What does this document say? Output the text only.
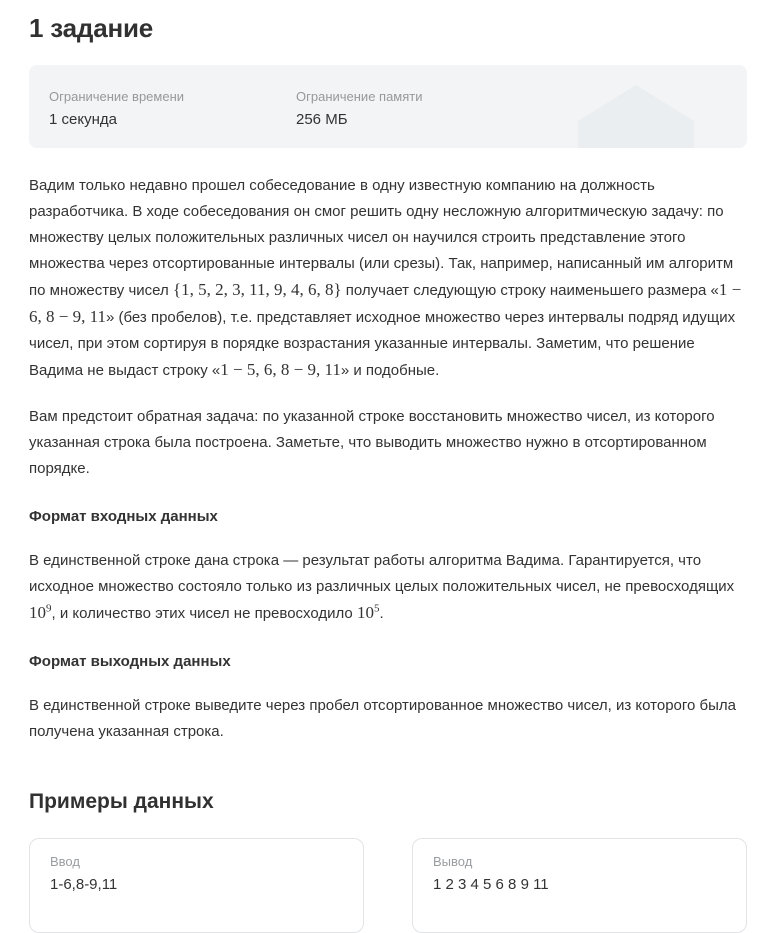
1 задание
Ограничение времени
1 секунда
Ограничение памяти
256 МБ

Вадим только недавно прошел собеседование в одну известную компанию на должность разработчика. В ходе собеседования он смог решить одну несложную алгоритмическую задачу: по множеству целых положительных различных чисел он научился строить представление этого множества через отсортированные интервалы (или срезы). Так, например, написанный им алгоритм по множеству чисел {1, 5, 2, 3, 11, 9, 4, 6, 8} получает следующую строку наименьшего размера «1 − 6, 8 − 9, 11» (без пробелов), т.е. представляет исходное множество через интервалы подряд идущих чисел, при этом сортируя в порядке возрастания указанные интервалы. Заметим, что решение Вадима не выдаст строку «1 − 5, 6, 8 − 9, 11» и подобные.

Вам предстоит обратная задача: по указанной строке восстановить множество чисел, из которого указанная строка была построена. Заметьте, что выводить множество нужно в отсортированном порядке.

Формат входных данных

В единственной строке дана строка — результат работы алгоритма Вадима. Гарантируется, что исходное множество состояло только из различных целых положительных чисел, не превосходящих $10^9$, и количество этих чисел не превосходило $10^5$.

Формат выходных данных

В единственной строке выведите через пробел отсортированное множество чисел, из которого была получена указанная строка.

Примеры данных
Ввод
1-6,8-9,11
Вывод
1 2 3 4 5 6 8 9 11
